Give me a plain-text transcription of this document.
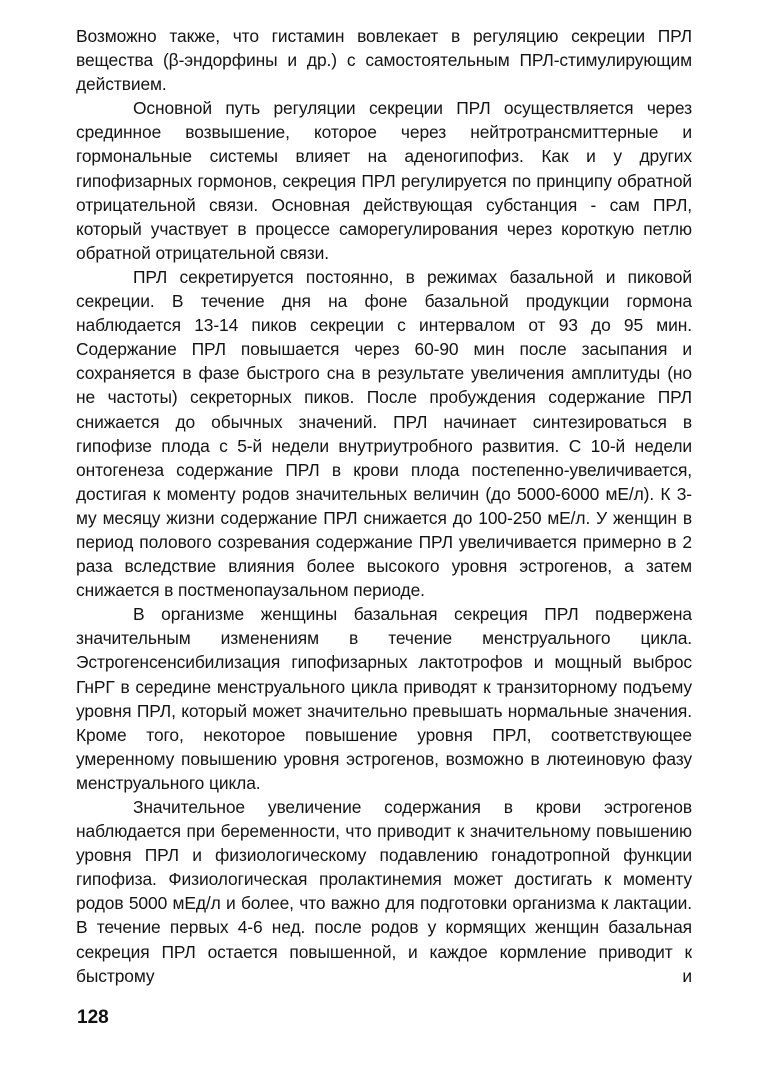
Возможно также, что гистамин вовлекает в регуляцию секреции ПРЛ вещества (β-эндорфины и др.) с самостоятельным ПРЛ-стимулирующим действием.

Основной путь регуляции секреции ПРЛ осуществляется через срединное возвышение, которое через нейтротрансмиттерные и гормональные системы влияет на аденогипофиз. Как и у других гипофизарных гормонов, секреция ПРЛ регулируется по принципу обратной отрицательной связи. Основная действующая субстанция - сам ПРЛ, который участвует в процессе саморегулирования через короткую петлю обратной отрицательной связи.

ПРЛ секретируется постоянно, в режимах базальной и пиковой секреции. В течение дня на фоне базальной продукции гормона наблюдается 13-14 пиков секреции с интервалом от 93 до 95 мин. Содержание ПРЛ повышается через 60-90 мин после засыпания и сохраняется в фазе быстрого сна в результате увеличения амплитуды (но не частоты) секреторных пиков. После пробуждения содержание ПРЛ снижается до обычных значений. ПРЛ начинает синтезироваться в гипофизе плода с 5-й недели внутриутробного развития. С 10-й недели онтогенеза содержание ПРЛ в крови плода постепенно-увеличивается, достигая к моменту родов значительных величин (до 5000-6000 мЕ/л). К 3-му месяцу жизни содержание ПРЛ снижается до 100-250 мЕ/л. У женщин в период полового созревания содержание ПРЛ увеличивается примерно в 2 раза вследствие влияния более высокого уровня эстрогенов, а затем снижается в постменопаузальном периоде.

В организме женщины базальная секреция ПРЛ подвержена значительным изменениям в течение менструального цикла. Эстрогенсенсибилизация гипофизарных лактотрофов и мощный выброс ГнРГ в середине менструального цикла приводят к транзиторному подъему уровня ПРЛ, который может значительно превышать нормальные значения. Кроме того, некоторое повышение уровня ПРЛ, соответствующее умеренному повышению уровня эстрогенов, возможно в лютеиновую фазу менструального цикла.

Значительное увеличение содержания в крови эстрогенов наблюдается при беременности, что приводит к значительному повышению уровня ПРЛ и физиологическому подавлению гонадотропной функции гипофиза. Физиологическая пролактинемия может достигать к моменту родов 5000 мЕд/л и более, что важно для подготовки организма к лактации. В течение первых 4-6 нед. после родов у кормящих женщин базальная секреция ПРЛ остается повышенной, и каждое кормление приводит к быстрому и

128
